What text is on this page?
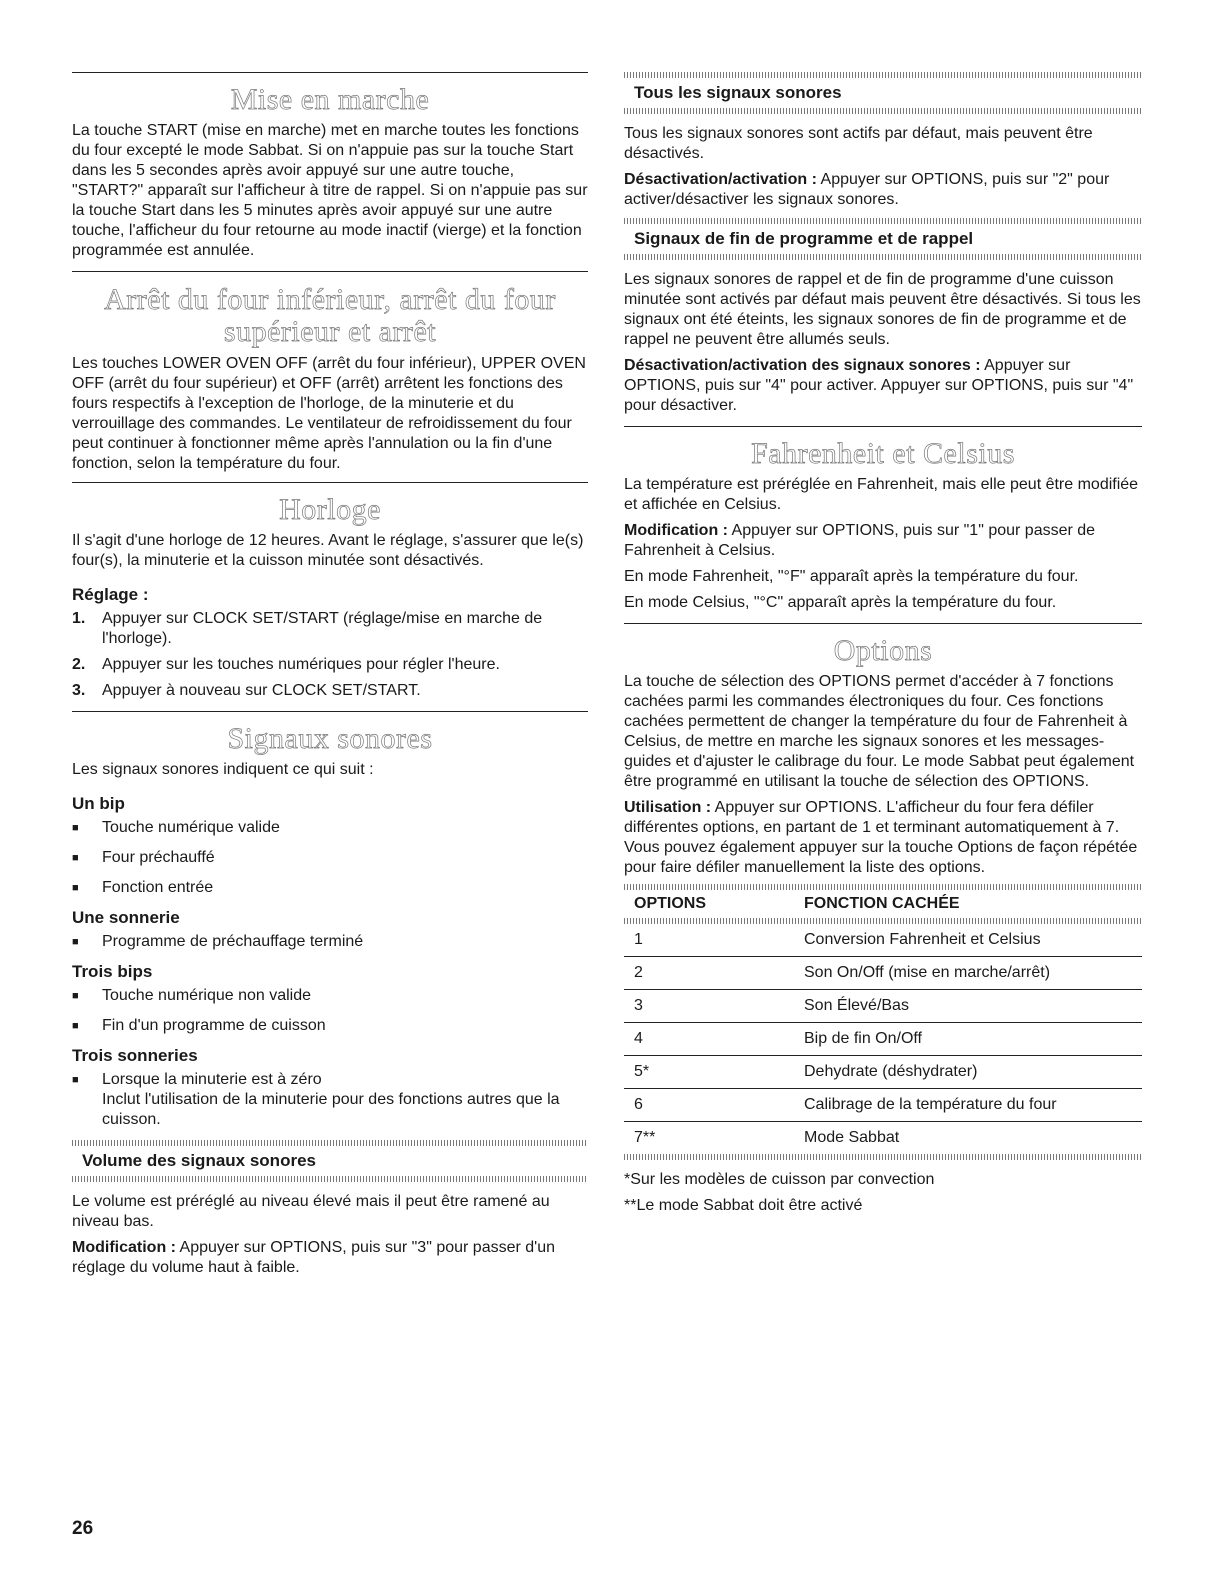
Mise en marche

La touche START (mise en marche) met en marche toutes les fonctions du four excepté le mode Sabbat. Si on n'appuie pas sur la touche Start dans les 5 secondes après avoir appuyé sur une autre touche, "START?" apparaît sur l'afficheur à titre de rappel. Si on n'appuie pas sur la touche Start dans les 5 minutes après avoir appuyé sur une autre touche, l'afficheur du four retourne au mode inactif (vierge) et la fonction programmée est annulée.

Arrêt du four inférieur, arrêt du four supérieur et arrêt

Les touches LOWER OVEN OFF (arrêt du four inférieur), UPPER OVEN OFF (arrêt du four supérieur) et OFF (arrêt) arrêtent les fonctions des fours respectifs à l'exception de l'horloge, de la minuterie et du verrouillage des commandes. Le ventilateur de refroidissement du four peut continuer à fonctionner même après l'annulation ou la fin d'une fonction, selon la température du four.

Horloge

Il s'agit d'une horloge de 12 heures. Avant le réglage, s'assurer que le(s) four(s), la minuterie et la cuisson minutée sont désactivés.

Réglage :
1.	Appuyer sur CLOCK SET/START (réglage/mise en marche de l'horloge).
2.	Appuyer sur les touches numériques pour régler l'heure.
3.	Appuyer à nouveau sur CLOCK SET/START.
Signaux sonores

Les signaux sonores indiquent ce qui suit :

Un bip
■	Touche numérique valide
■	Four préchauffé
■	Fonction entrée
Une sonnerie
■	Programme de préchauffage terminé
Trois bips
■	Touche numérique non valide
■	Fin d'un programme de cuisson
Trois sonneries
■	Lorsque la minuterie est à zéro
Inclut l'utilisation de la minuterie pour des fonctions autres que la cuisson.
Volume des signaux sonores

Le volume est préréglé au niveau élevé mais il peut être ramené au niveau bas.

Modification : Appuyer sur OPTIONS, puis sur "3" pour passer d'un réglage du volume haut à faible.

Tous les signaux sonores

Tous les signaux sonores sont actifs par défaut, mais peuvent être désactivés.

Désactivation/activation : Appuyer sur OPTIONS, puis sur "2" pour activer/désactiver les signaux sonores.

Signaux de fin de programme et de rappel

Les signaux sonores de rappel et de fin de programme d'une cuisson minutée sont activés par défaut mais peuvent être désactivés. Si tous les signaux ont été éteints, les signaux sonores de fin de programme et de rappel ne peuvent être allumés seuls.

Désactivation/activation des signaux sonores : Appuyer sur OPTIONS, puis sur "4" pour activer. Appuyer sur OPTIONS, puis sur "4" pour désactiver.

Fahrenheit et Celsius

La température est préréglée en Fahrenheit, mais elle peut être modifiée et affichée en Celsius.

Modification : Appuyer sur OPTIONS, puis sur "1" pour passer de Fahrenheit à Celsius.

En mode Fahrenheit, "°F" apparaît après la température du four.

En mode Celsius, "°C" apparaît après la température du four.

Options

La touche de sélection des OPTIONS permet d'accéder à 7 fonctions cachées parmi les commandes électroniques du four. Ces fonctions cachées permettent de changer la température du four de Fahrenheit à Celsius, de mettre en marche les signaux sonores et les messages-guides et d'ajuster le calibrage du four. Le mode Sabbat peut également être programmé en utilisant la touche de sélection des OPTIONS.

Utilisation : Appuyer sur OPTIONS. L'afficheur du four fera défiler différentes options, en partant de 1 et terminant automatiquement à 7. Vous pouvez également appuyer sur la touche Options de façon répétée pour faire défiler manuellement la liste des options.

OPTIONS	FONCTION CACHÉE

1	Conversion Fahrenheit et Celsius
2	Son On/Off (mise en marche/arrêt)
3	Son Élevé/Bas
4	Bip de fin On/Off
5*	Dehydrate (déshydrater)
6	Calibrage de la température du four
7**	Mode Sabbat

*Sur les modèles de cuisson par convection

**Le mode Sabbat doit être activé

26
